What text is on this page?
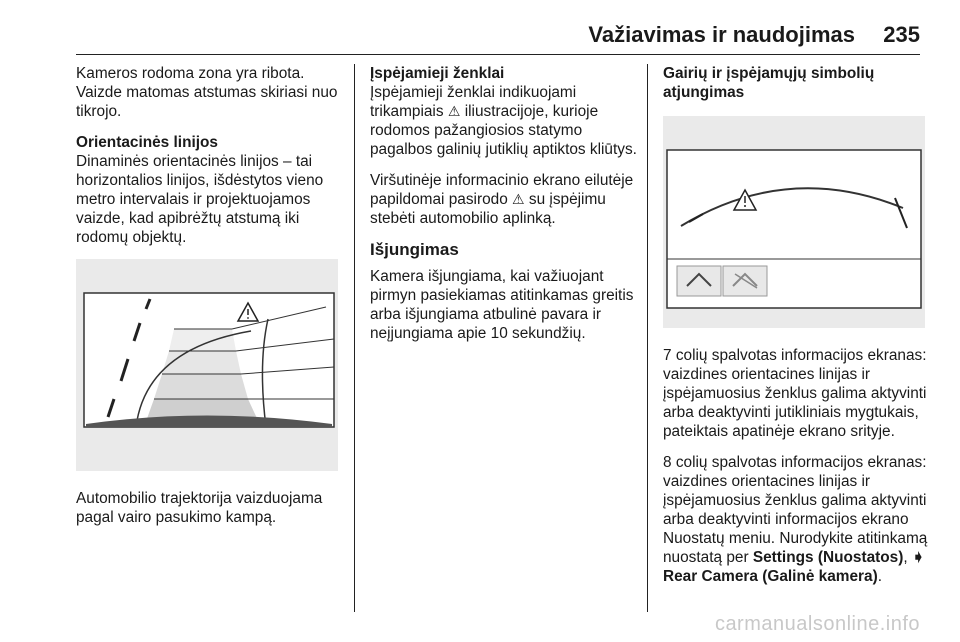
Važiavimas ir naudojimas 235

Kameros rodoma zona yra ribota. Vaizde matomas atstumas skiriasi nuo tikrojo.

Orientacinės linijos

Dinaminės orientacinės linijos – tai horizontalios linijos, išdėstytos vieno metro intervalais ir projektuojamos vaizde, kad apibrėžtų atstumą iki rodomų objektų.

Automobilio trajektorija vaizduojama pagal vairo pasukimo kampą.

Įspėjamieji ženklai

Įspėjamieji ženklai indikuojami trikampiais ⚠ iliustracijoje, kurioje rodomos pažangiosios statymo pagalbos galinių jutiklių aptiktos kliūtys.

Viršutinėje informacinio ekrano eilutėje papildomai pasirodo ⚠ su įspėjimu stebėti automobilio aplinką.

Išjungimas

Kamera išjungiama, kai važiuojant pirmyn pasiekiamas atitinkamas greitis arba išjungiama atbulinė pavara ir neįjungiama apie 10 sekundžių.

Gairių ir įspėjamųjų simbolių atjungimas

7 colių spalvotas informacijos ekranas: vaizdines orientacines linijas ir įspėjamuosius ženklus galima aktyvinti arba deaktyvinti jutikliniais mygtukais, pateiktais apatinėje ekrano srityje.

8 colių spalvotas informacijos ekranas: vaizdines orientacines linijas ir įspėjamuosius ženklus galima aktyvinti arba deaktyvinti informacijos ekrano Nuostatų meniu. Nurodykite atitinkamą nuostatą per Settings (Nuostatos), ➧ Rear Camera (Galinė kamera).

carmanualsonline.info
